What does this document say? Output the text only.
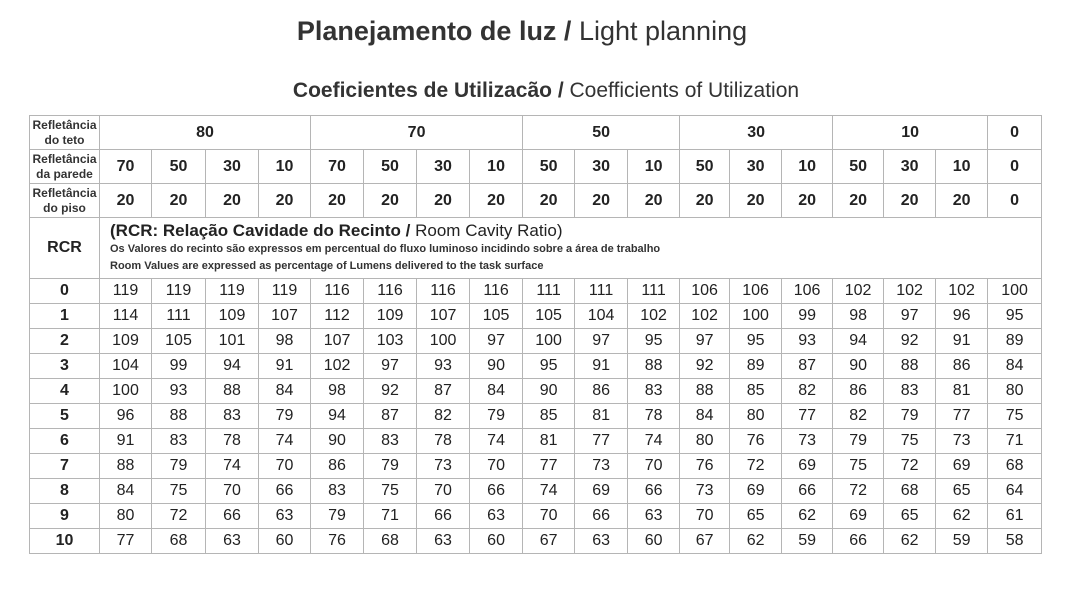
Planejamento de luz / Light planning
Coeficientes de Utilizacão / Coefficients of Utilization
Refletância do teto	80				70				50			30			10			0
Refletância da parede	70	50	30	10	70	50	30	10	50	30	10	50	30	10	50	30	10	0
Refletância do piso	20	20	20	20	20	20	20	20	20	20	20	20	20	20	20	20	20	0
RCR	(RCR: Relação Cavidade do Recinto / Room Cavity Ratio)
Os Valores do recinto são expressos em percentual do fluxo luminoso incidindo sobre a área de trabalho
Room Values are expressed as percentage of Lumens delivered to the task surface																	

0	119	119	119	119	116	116	116	116	111	111	111	106	106	106	102	102	102	100
1	114	111	109	107	112	109	107	105	105	104	102	102	100	99	98	97	96	95
2	109	105	101	98	107	103	100	97	100	97	95	97	95	93	94	92	91	89
3	104	99	94	91	102	97	93	90	95	91	88	92	89	87	90	88	86	84
4	100	93	88	84	98	92	87	84	90	86	83	88	85	82	86	83	81	80
5	96	88	83	79	94	87	82	79	85	81	78	84	80	77	82	79	77	75
6	91	83	78	74	90	83	78	74	81	77	74	80	76	73	79	75	73	71
7	88	79	74	70	86	79	73	70	77	73	70	76	72	69	75	72	69	68
8	84	75	70	66	83	75	70	66	74	69	66	73	69	66	72	68	65	64
9	80	72	66	63	79	71	66	63	70	66	63	70	65	62	69	65	62	61
10	77	68	63	60	76	68	63	60	67	63	60	67	62	59	66	62	59	58
